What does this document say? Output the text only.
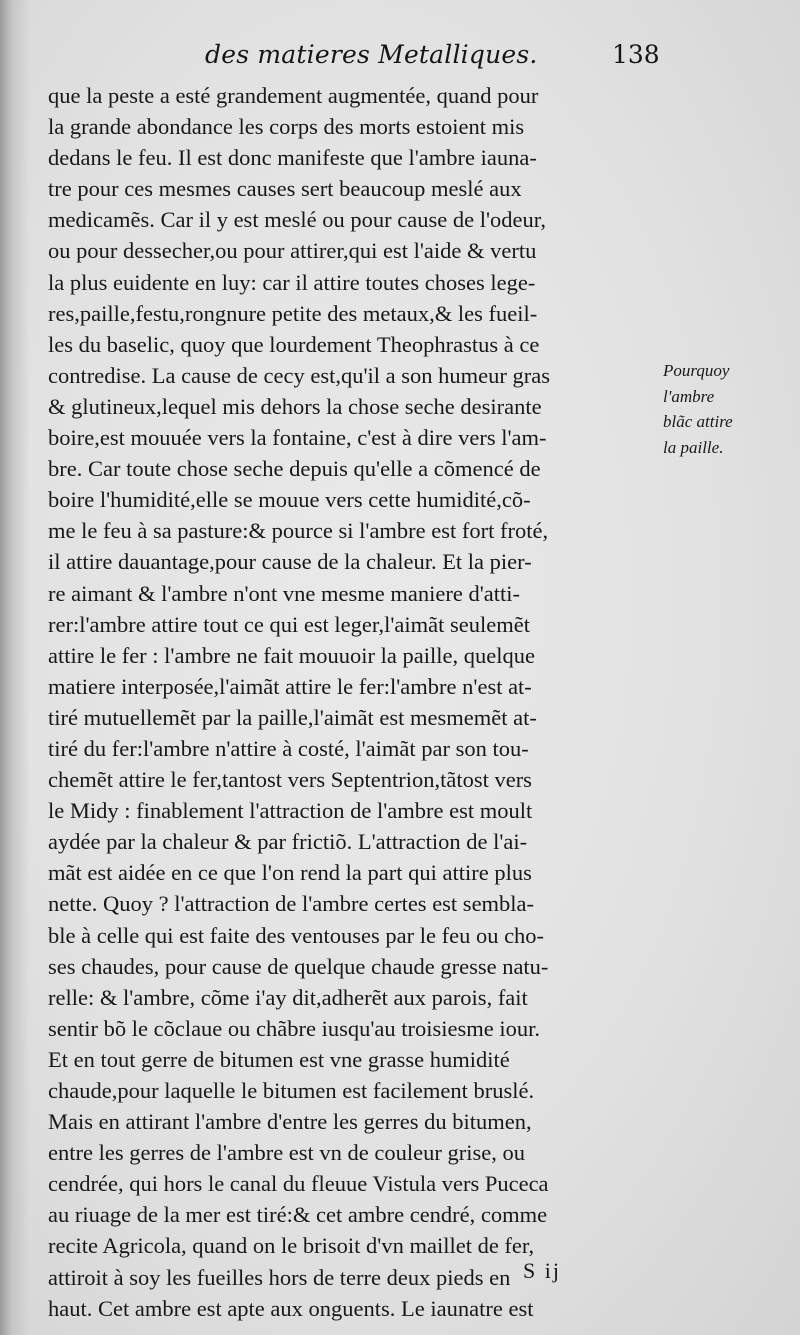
des matieres Metalliques.	138
que la peste a esté grandement augmentée, quand pour
la grande abondance les corps des morts estoient mis
dedans le feu. Il est donc manifeste que l'ambre iauna-
tre pour ces mesmes causes sert beaucoup meslé aux
medicamẽs. Car il y est meslé ou pour cause de l'odeur,
ou pour dessecher,ou pour attirer,qui est l'aide & vertu
la plus euidente en luy: car il attire toutes choses lege-
res,paille,festu,rongnure petite des metaux,& les fueil-
les du baselic, quoy que lourdement Theophrastus à ce
contredise. La cause de cecy est,qu'il a son humeur gras
& glutineux,lequel mis dehors la chose seche desirante
boire,est mouuée vers la fontaine, c'est à dire vers l'am-
bre. Car toute chose seche depuis qu'elle a cõmencé de
boire l'humidité,elle se mouue vers cette humidité,cõ-
me le feu à sa pasture:& pource si l'ambre est fort froté,
il attire dauantage,pour cause de la chaleur. Et la pier-
re aimant & l'ambre n'ont vne mesme maniere d'atti-
rer:l'ambre attire tout ce qui est leger,l'aimãt seulemẽt
attire le fer : l'ambre ne fait mouuoir la paille, quelque
matiere interposée,l'aimãt attire le fer:l'ambre n'est at-
tiré mutuellemẽt par la paille,l'aimãt est mesmemẽt at-
tiré du fer:l'ambre n'attire à costé, l'aimãt par son tou-
chemẽt attire le fer,tantost vers Septentrion,tãtost vers
le Midy : finablement l'attraction de l'ambre est moult
aydée par la chaleur & par frictiõ. L'attraction de l'ai-
mãt est aidée en ce que l'on rend la part qui attire plus
nette. Quoy ? l'attraction de l'ambre certes est sembla-
ble à celle qui est faite des ventouses par le feu ou cho-
ses chaudes, pour cause de quelque chaude gresse natu-
relle: & l'ambre, cõme i'ay dit,adherẽt aux parois, fait
sentir bõ le cõclaue ou chãbre iusqu'au troisiesme iour.
Et en tout gerre de bitumen est vne grasse humidité
chaude,pour laquelle le bitumen est facilement bruslé.
Mais en attirant l'ambre d'entre les gerres du bitumen,
entre les gerres de l'ambre est vn de couleur grise, ou
cendrée, qui hors le canal du fleuue Vistula vers Puceca
au riuage de la mer est tiré:& cet ambre cendré, comme
recite Agricola, quand on le brisoit d'vn maillet de fer,
attiroit à soy les fueilles hors de terre deux pieds en
haut. Cet ambre est apte aux onguents. Le iaunatre est
Pourquoy
l'ambre
blãc attire
la paille.
S ij
